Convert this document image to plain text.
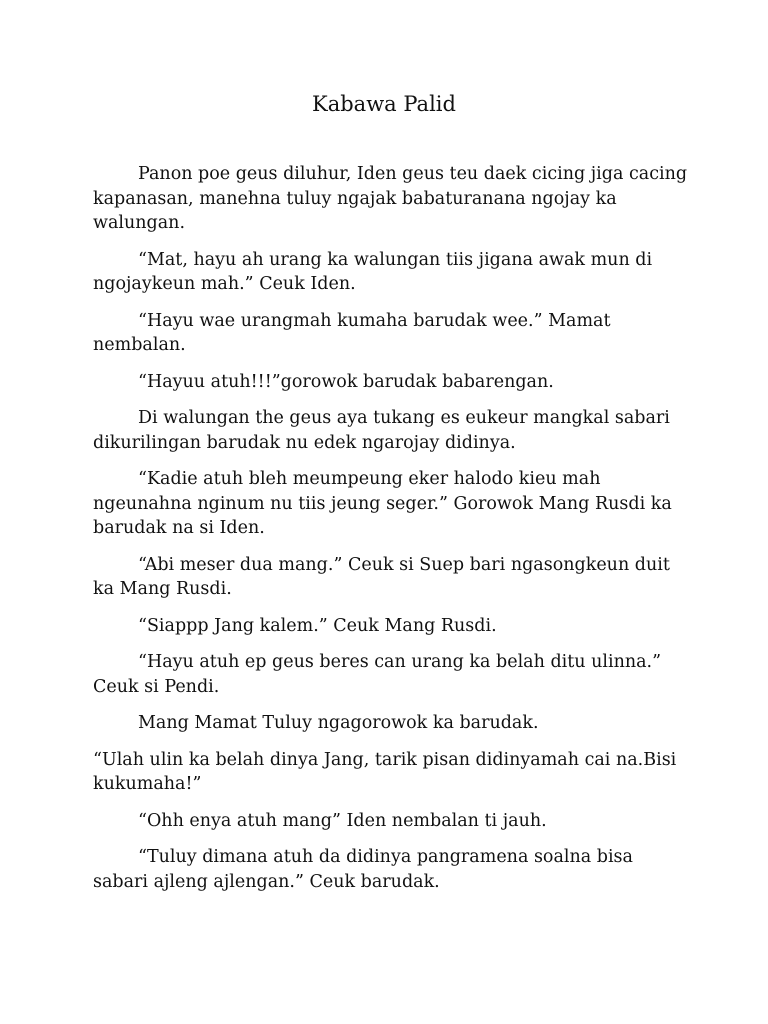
Kabawa Palid

Panon poe geus diluhur, Iden geus teu daek cicing jiga cacing kapanasan, manehna tuluy ngajak babaturanana ngojay ka walungan.

“Mat, hayu ah urang ka walungan tiis jigana awak mun di ngojaykeun mah.” Ceuk Iden.

“Hayu wae urangmah kumaha barudak wee.” Mamat nembalan.

“Hayuu atuh!!!”gorowok barudak babarengan.

Di walungan the geus aya tukang es eukeur mangkal sabari dikurilingan barudak nu edek ngarojay didinya.

“Kadie atuh bleh meumpeung eker halodo kieu mah ngeunahna nginum nu tiis jeung seger.” Gorowok Mang Rusdi ka barudak na si Iden.

“Abi meser dua mang.” Ceuk si Suep bari ngasongkeun duit ka Mang Rusdi.

“Siappp Jang kalem.” Ceuk Mang Rusdi.

“Hayu atuh ep geus beres can urang ka belah ditu ulinna.” Ceuk si Pendi.

Mang Mamat Tuluy ngagorowok ka barudak.

“Ulah ulin ka belah dinya Jang, tarik pisan didinyamah cai na.Bisi kukumaha!”

“Ohh enya atuh mang” Iden nembalan ti jauh.

“Tuluy dimana atuh da didinya pangramena soalna bisa sabari ajleng ajlengan.” Ceuk barudak.
